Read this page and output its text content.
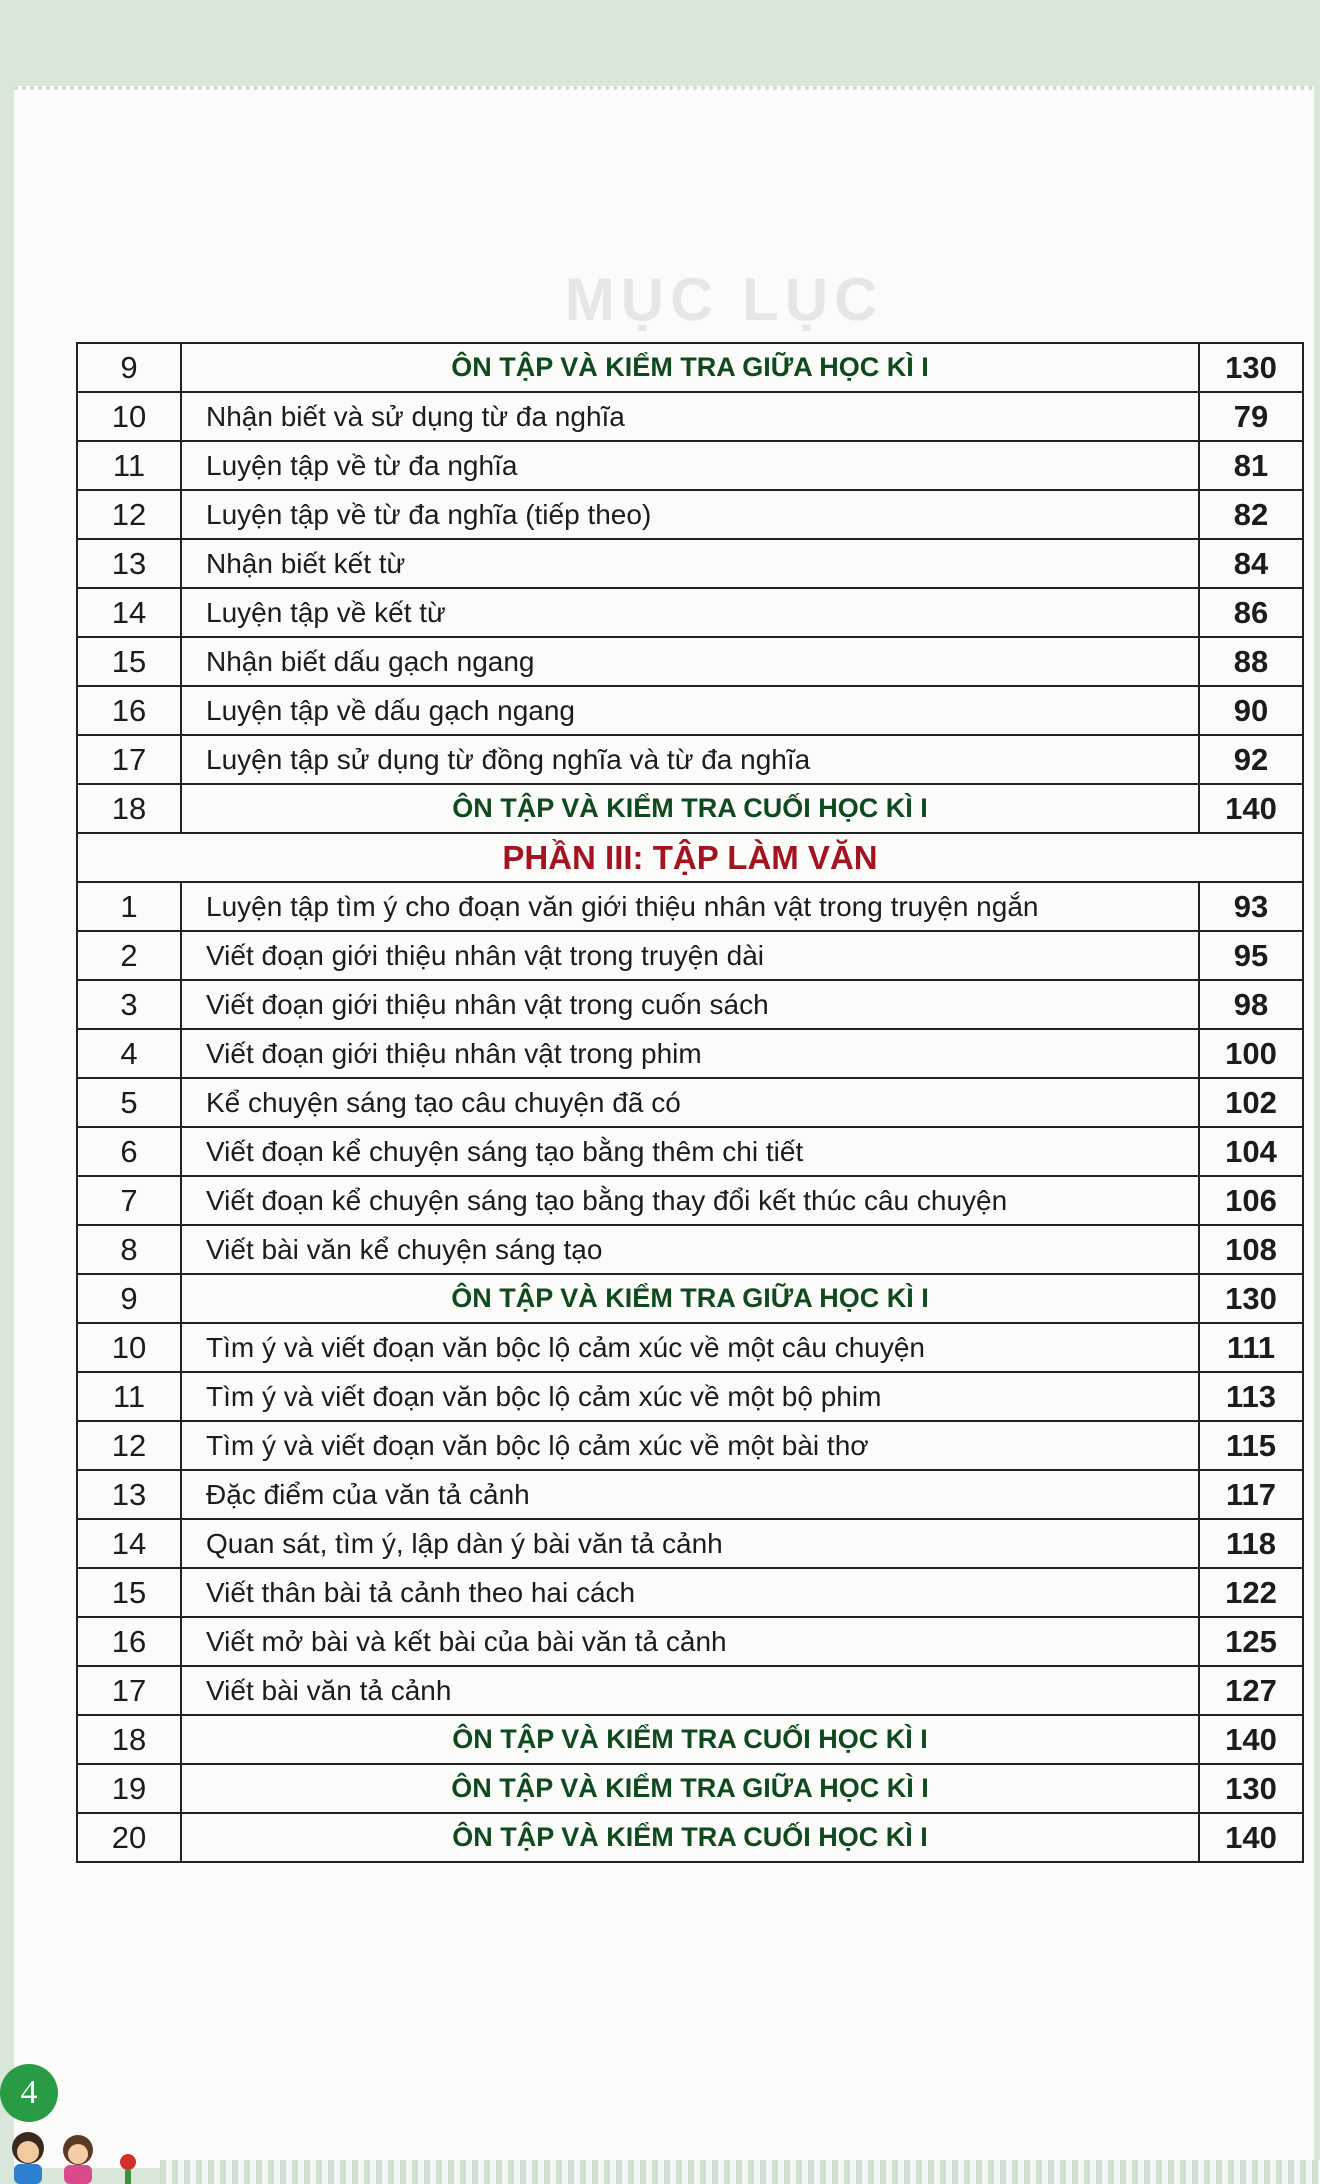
MỤC LỤC
9	ÔN TẬP VÀ KIỂM TRA GIỮA HỌC KÌ I	130
10	Nhận biết và sử dụng từ đa nghĩa	79
11	Luyện tập về từ đa nghĩa	81
12	Luyện tập về từ đa nghĩa (tiếp theo)	82
13	Nhận biết kết từ	84
14	Luyện tập về kết từ	86
15	Nhận biết dấu gạch ngang	88
16	Luyện tập về dấu gạch ngang	90
17	Luyện tập sử dụng từ đồng nghĩa và từ đa nghĩa	92
18	ÔN TẬP VÀ KIỂM TRA CUỐI HỌC KÌ I	140
PHẦN III: TẬP LÀM VĂN		
1	Luyện tập tìm ý cho đoạn văn giới thiệu nhân vật trong truyện ngắn	93
2	Viết đoạn giới thiệu nhân vật trong truyện dài	95
3	Viết đoạn giới thiệu nhân vật trong cuốn sách	98
4	Viết đoạn giới thiệu nhân vật trong phim	100
5	Kể chuyện sáng tạo câu chuyện đã có	102
6	Viết đoạn kể chuyện sáng tạo bằng thêm chi tiết	104
7	Viết đoạn kể chuyện sáng tạo bằng thay đổi kết thúc câu chuyện	106
8	Viết bài văn kể chuyện sáng tạo	108
9	ÔN TẬP VÀ KIỂM TRA GIỮA HỌC KÌ I	130
10	Tìm ý và viết đoạn văn bộc lộ cảm xúc về một câu chuyện	111
11	Tìm ý và viết đoạn văn bộc lộ cảm xúc về một bộ phim	113
12	Tìm ý và viết đoạn văn bộc lộ cảm xúc về một bài thơ	115
13	Đặc điểm của văn tả cảnh	117
14	Quan sát, tìm ý, lập dàn ý bài văn tả cảnh	118
15	Viết thân bài tả cảnh theo hai cách	122
16	Viết mở bài và kết bài của bài văn tả cảnh	125
17	Viết bài văn tả cảnh	127
18	ÔN TẬP VÀ KIỂM TRA CUỐI HỌC KÌ I	140
19	ÔN TẬP VÀ KIỂM TRA GIỮA HỌC KÌ I	130
20	ÔN TẬP VÀ KIỂM TRA CUỐI HỌC KÌ I	140
4
